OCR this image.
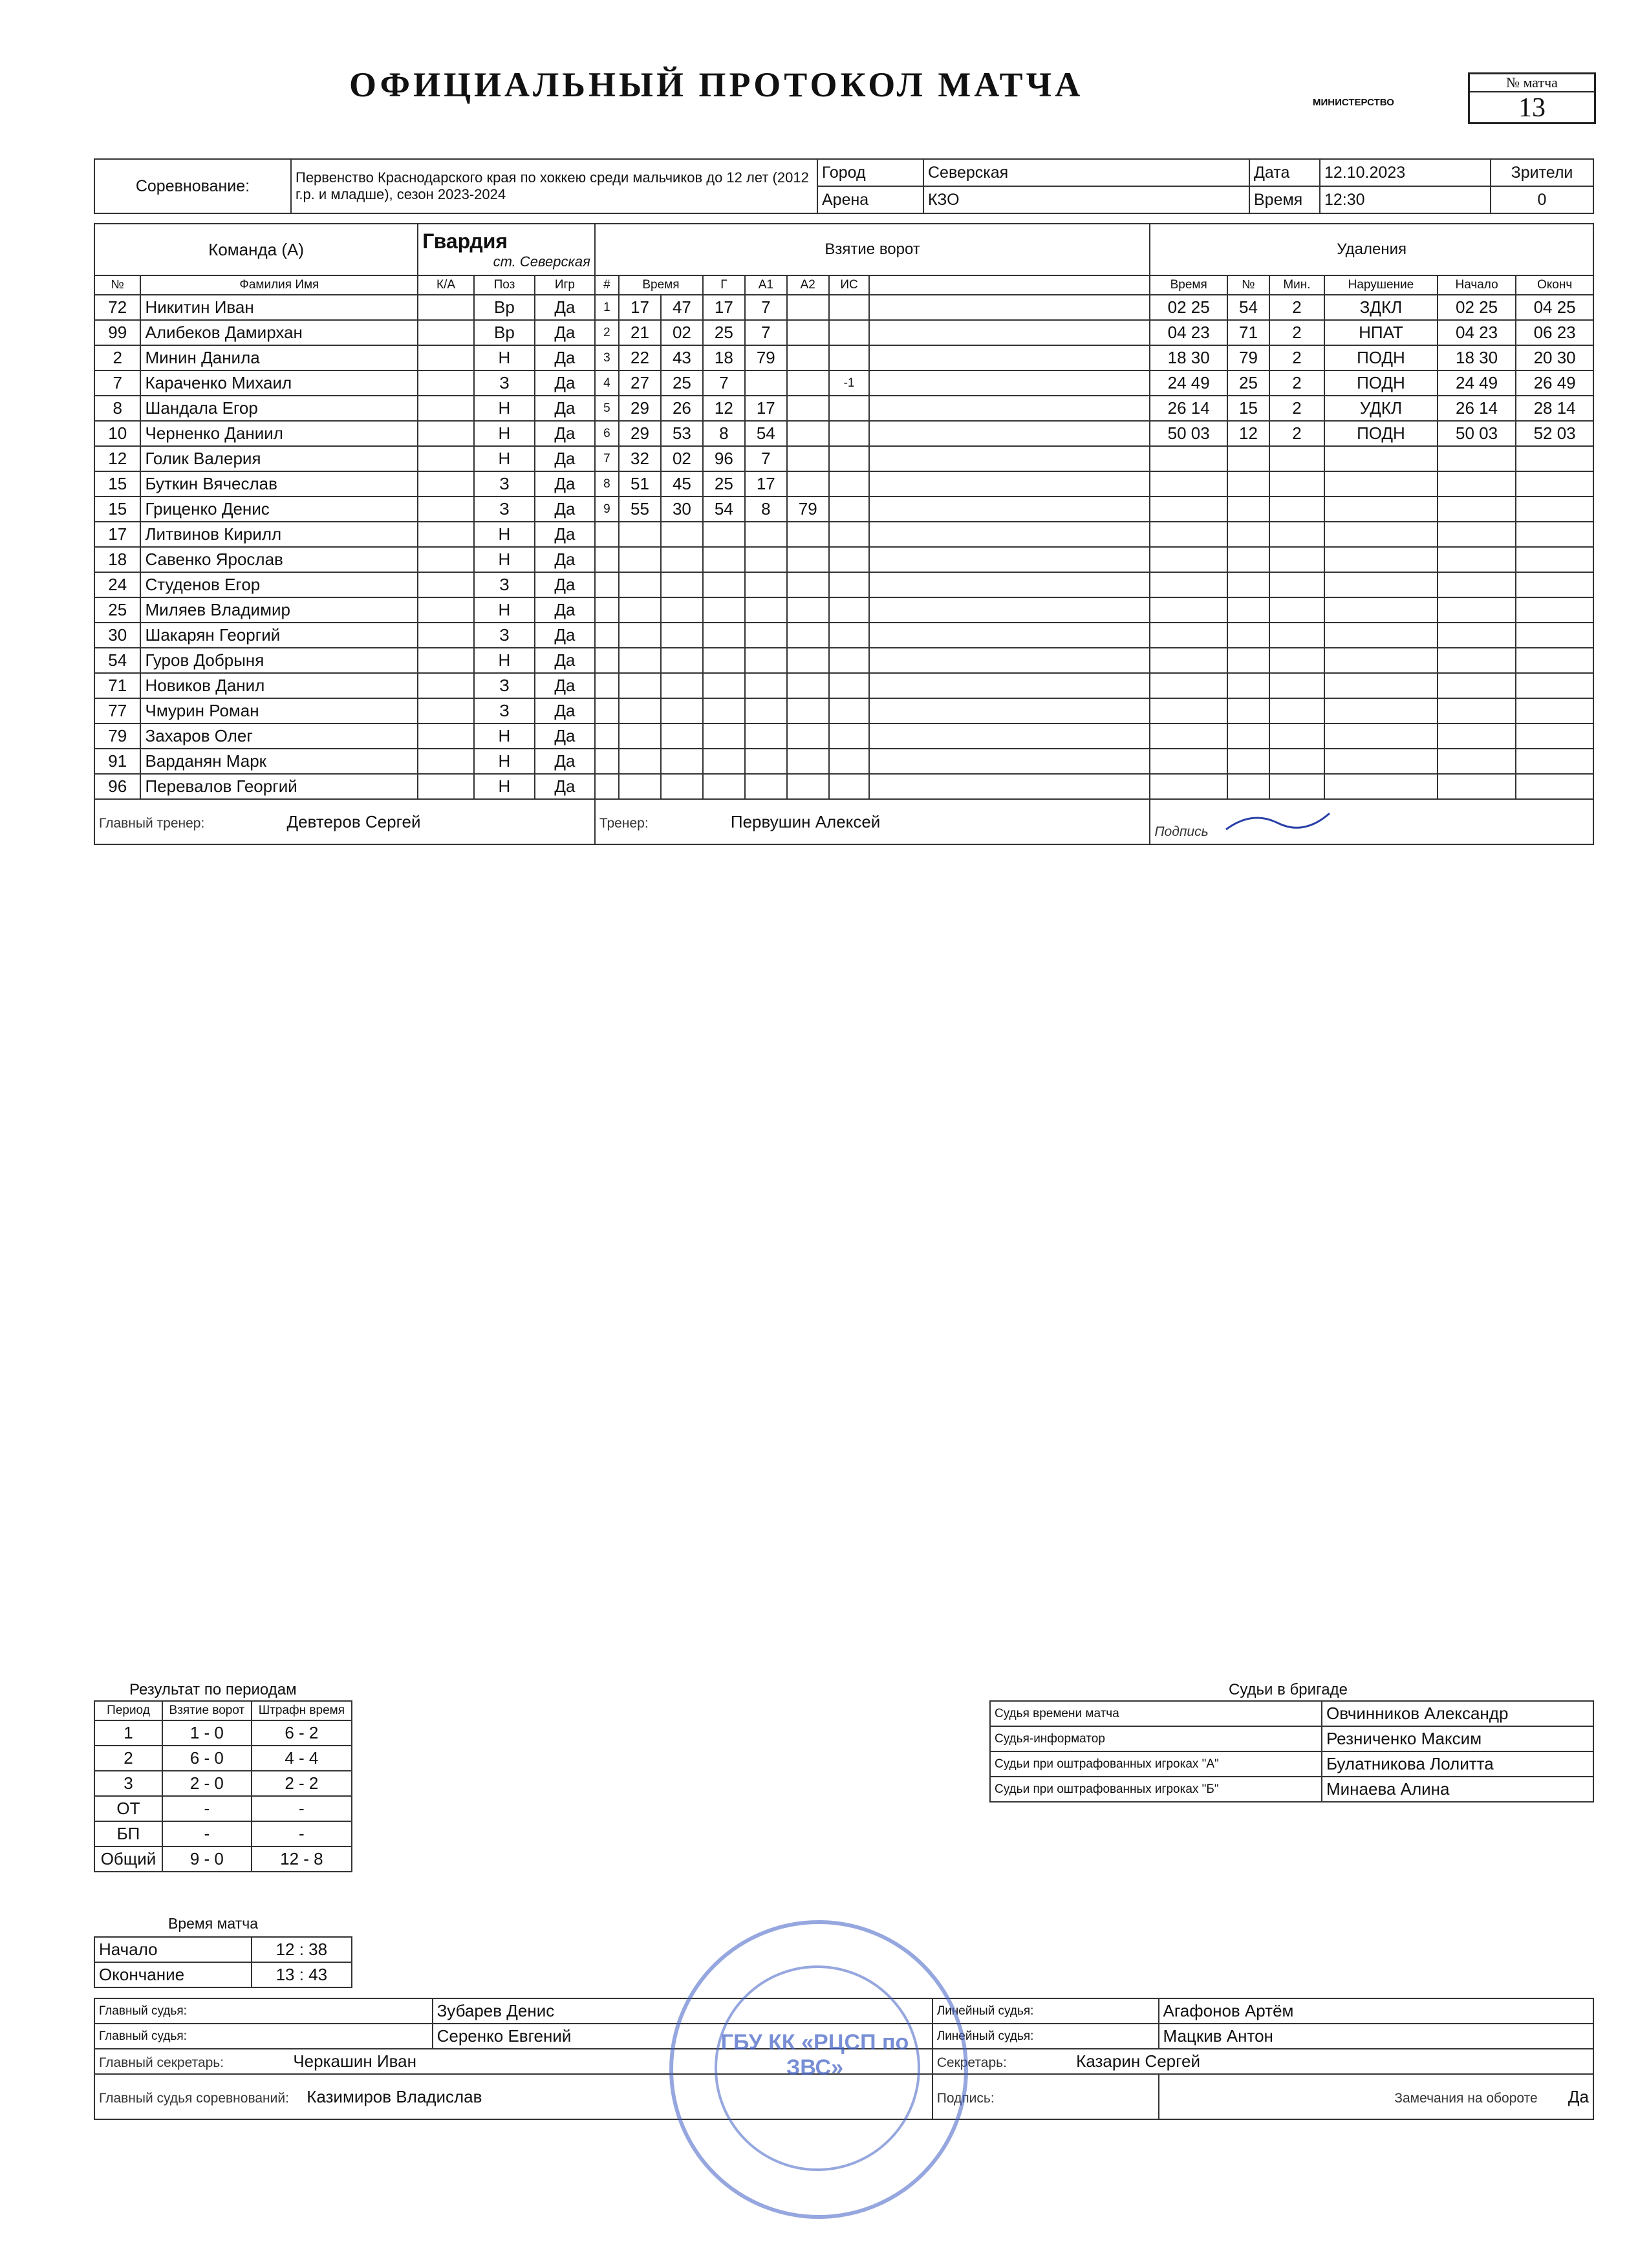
ОФИЦИАЛЬНЫЙ ПРОТОКОЛ МАТЧА	МИНИСТЕРСТВО
№ матча
13
Соревнование:	Первенство Краснодарского края по хоккею среди мальчиков до 12 лет (2012 г.р. и младше), сезон 2023-2024	Город	Северская	Дата	12.10.2023	Зрители
		Арена	КЗО	Время	12:30	0
Команда (А)		Гвардия
ст. Северская			Взятие ворот								Удаления					
№	Фамилия Имя	К/А	Поз	Игр	#	Время		Г	А1	А2	ИС		Время	№	Мин.	Нарушение	Начало	Оконч
72	Никитин Иван		Вр	Да	1	17	47	17	7				02 25	54	2	ЗДКЛ	02 25	04 25
99	Алибеков Дамирхан		Вр	Да	2	21	02	25	7				04 23	71	2	НПАТ	04 23	06 23
2	Минин Данила		Н	Да	3	22	43	18	79				18 30	79	2	ПОДН	18 30	20 30
7	Караченко Михаил		З	Да	4	27	25	7			-1		24 49	25	2	ПОДН	24 49	26 49
8	Шандала Егор		Н	Да	5	29	26	12	17				26 14	15	2	УДКЛ	26 14	28 14
10	Черненко Даниил		Н	Да	6	29	53	8	54				50 03	12	2	ПОДН	50 03	52 03
12	Голик Валерия		Н	Да	7	32	02	96	7									
15	Буткин Вячеслав		З	Да	8	51	45	25	17									
15	Гриценко Денис		З	Да	9	55	30	54	8	79								
17	Литвинов Кирилл		Н	Да														
18	Савенко Ярослав		Н	Да														
24	Студенов Егор		З	Да														
25	Миляев Владимир		Н	Да														
30	Шакарян Георгий		З	Да														
54	Гуров Добрыня		Н	Да														
71	Новиков Данил		З	Да														
77	Чмурин Роман		З	Да														
79	Захаров Олег		Н	Да														
91	Варданян Марк		Н	Да														
96	Перевалов Георгий		Н	Да														
Главный тренер: Девтеров Сергей					Тренер: Первушин Алексей								Подпись					
Результат по периодам
Период	Взятие ворот	Штрафн время
1	1 - 0	6 - 2
2	6 - 0	4 - 4
3	2 - 0	2 - 2
ОТ	-	-
БП	-	-
Общий	9 - 0	12 - 8
Время матча
Начало	12 : 38
Окончание	13 : 43
Судьи в бригаде
Судья времени матча	Овчинников Александр
Судья-информатор	Резниченко Максим
Судьи при оштрафованных игроках "А"	Булатникова Лолитта
Судьи при оштрафованных игроках "Б"	Минаева Алина
Главный судья:	Зубарев Денис	Линейный судья:	Агафонов Артём
Главный судья:	Серенко Евгений	Линейный судья:	Мацкив Антон
Главный секретарь: Черкашин Иван		Секретарь: Казарин Сергей	
Главный судья соревнований: Казимиров Владислав		Подпись:	Замечания на обороте Да
ГБУ КК «РЦСП по ЗВС»
